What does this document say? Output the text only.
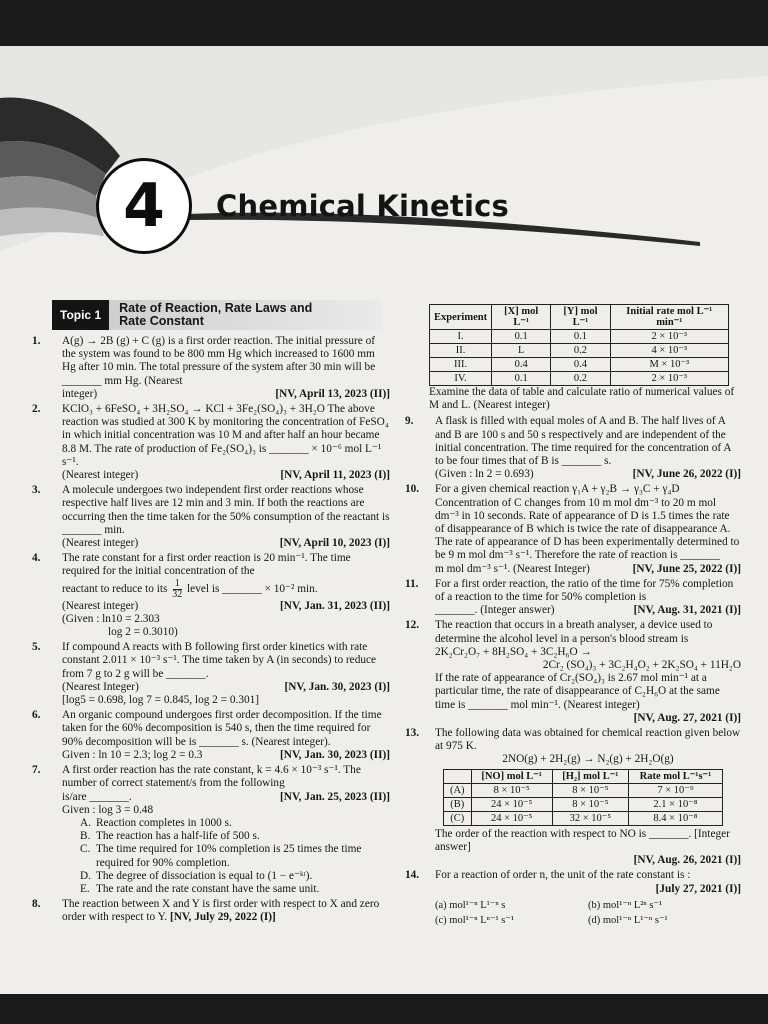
4	Chemical Kinetics
Topic 1	Rate of Reaction, Rate Laws and
Rate Constant
1.	A(g) → 2B (g) + C (g) is a first order reaction. The initial pressure of the system was found to be 800 mm Hg which increased to 1600 mm Hg after 10 min. The total pressure of the system after 30 min will be _______ mm Hg. (Nearest
integer)	[NV, April 13, 2023 (II)]
2.	KClO₃ + 6FeSO₄ + 3H₂SO₄ → KCl + 3Fe₂(SO₄)₃ + 3H₂O The above reaction was studied at 300 K by monitoring the concentration of FeSO₄ in which initial concentration was 10 M and after half an hour became 8.8 M. The rate of production of Fe₂(SO₄)₃ is _______ × 10⁻⁶ mol L⁻¹ s⁻¹.
(Nearest integer)	[NV, April 11, 2023 (I)]
3.	A molecule undergoes two independent first order reactions whose respective half lives are 12 min and 3 min. If both the reactions are occurring then the time taken for the 50% consumption of the reactant is _______ min.
(Nearest integer)	[NV, April 10, 2023 (I)]
4.	The rate constant for a first order reaction is 20 min⁻¹. The time required for the initial concentration of the
reactant to reduce to its $\frac{1}{32}$ level is _______ × 10⁻² min.
(Nearest integer)	[NV, Jan. 31, 2023 (II)]
(Given : ln10 = 2.303
log 2 = 0.3010)
5.	If compound A reacts with B following first order kinetics with rate constant 2.011 × 10⁻³ s⁻¹. The time taken by A (in seconds) to reduce from 7 g to 2 g will be _______.
(Nearest Integer)	[NV, Jan. 30, 2023 (I)]
[log5 = 0.698, log 7 = 0.845, log 2 = 0.301]
6.	An organic compound undergoes first order decomposition. If the time taken for the 60% decomposition is 540 s, then the time required for 90% decomposition will be is _______ s. (Nearest integer).
Given : ln 10 = 2.3; log 2 = 0.3	[NV, Jan. 30, 2023 (II)]
7.	A first order reaction has the rate constant, k = 4.6 × 10⁻³ s⁻¹. The number of correct statement/s from the following
is/are _______.	[NV, Jan. 25, 2023 (II)]
Given : log 3 = 0.48
A. Reaction completes in 1000 s.
B. The reaction has a half-life of 500 s.
C. The time required for 10% completion is 25 times the time required for 90% completion.
D. The degree of dissociation is equal to (1 − e⁻ᵏᵗ).
E. The rate and the rate constant have the same unit.
8.	The reaction between X and Y is first order with respect to X and zero order with respect to Y. [NV, July 29, 2022 (I)]
Experiment	[X] mol L⁻¹	[Y] mol L⁻¹	Initial rate mol L⁻¹ min⁻¹
I.	0.1	0.1	2 × 10⁻³
II.	L	0.2	4 × 10⁻³
III.	0.4	0.4	M × 10⁻³
IV.	0.1	0.2	2 × 10⁻³
Examine the data of table and calculate ratio of numerical values of M and L. (Nearest integer)
9.	A flask is filled with equal moles of A and B. The half lives of A and B are 100 s and 50 s respectively and are independent of the initial concentration. The time required for the concentration of A to be four times that of B is _______ s.
(Given : ln 2 = 0.693)	[NV, June 26, 2022 (I)]
10.	For a given chemical reaction γ₁A + γ₂B → γ₃C + γ₄D Concentration of C changes from 10 m mol dm⁻³ to 20 m mol dm⁻³ in 10 seconds. Rate of appearance of D is 1.5 times the rate of disappearance of B which is twice the rate of disappearance A. The rate of appearance of D has been experimentally determined to be 9 m mol dm⁻³ s⁻¹. Therefore the rate of reaction is _______
m mol dm⁻³ s⁻¹. (Nearest Integer)	[NV, June 25, 2022 (I)]
11.	For a first order reaction, the ratio of the time for 75% completion of a reaction to the time for 50% completion is
_______. (Integer answer)	[NV, Aug. 31, 2021 (I)]
12.	The reaction that occurs in a breath analyser, a device used to determine the alcohol level in a person's blood stream is
2K₂Cr₂O₇ + 8H₂SO₄ + 3C₂H₆O →
2Cr₂ (SO₄)₃ + 3C₂H₄O₂ + 2K₂SO₄ + 11H₂O
If the rate of appearance of Cr₂(SO₄)₃ is 2.67 mol min⁻¹ at a particular time, the rate of disappearance of C₂H₆O at the same time is _______ mol min⁻¹. (Nearest integer)
[NV, Aug. 27, 2021 (I)]
13.	The following data was obtained for chemical reaction given below at 975 K.
2NO(g) + 2H₂(g) → N₂(g) + 2H₂O(g)
	[NO] mol L⁻¹	[H₂] mol L⁻¹	Rate mol L⁻¹s⁻¹
(A)	8 × 10⁻⁵	8 × 10⁻⁵	7 × 10⁻⁹
(B)	24 × 10⁻⁵	8 × 10⁻⁵	2.1 × 10⁻⁸
(C)	24 × 10⁻⁵	32 × 10⁻⁵	8.4 × 10⁻⁸
The order of the reaction with respect to NO is _______. [Integer answer]
[NV, Aug. 26, 2021 (I)]
14.	For a reaction of order n, the unit of the rate constant is :
[July 27, 2021 (I)]
(a) mol¹⁻ⁿ L¹⁻ⁿ s	(b) mol¹⁻ⁿ L²ⁿ s⁻¹
(c) mol¹⁻ⁿ Lⁿ⁻¹ s⁻¹	(d) mol¹⁻ⁿ L¹⁻ⁿ s⁻¹
